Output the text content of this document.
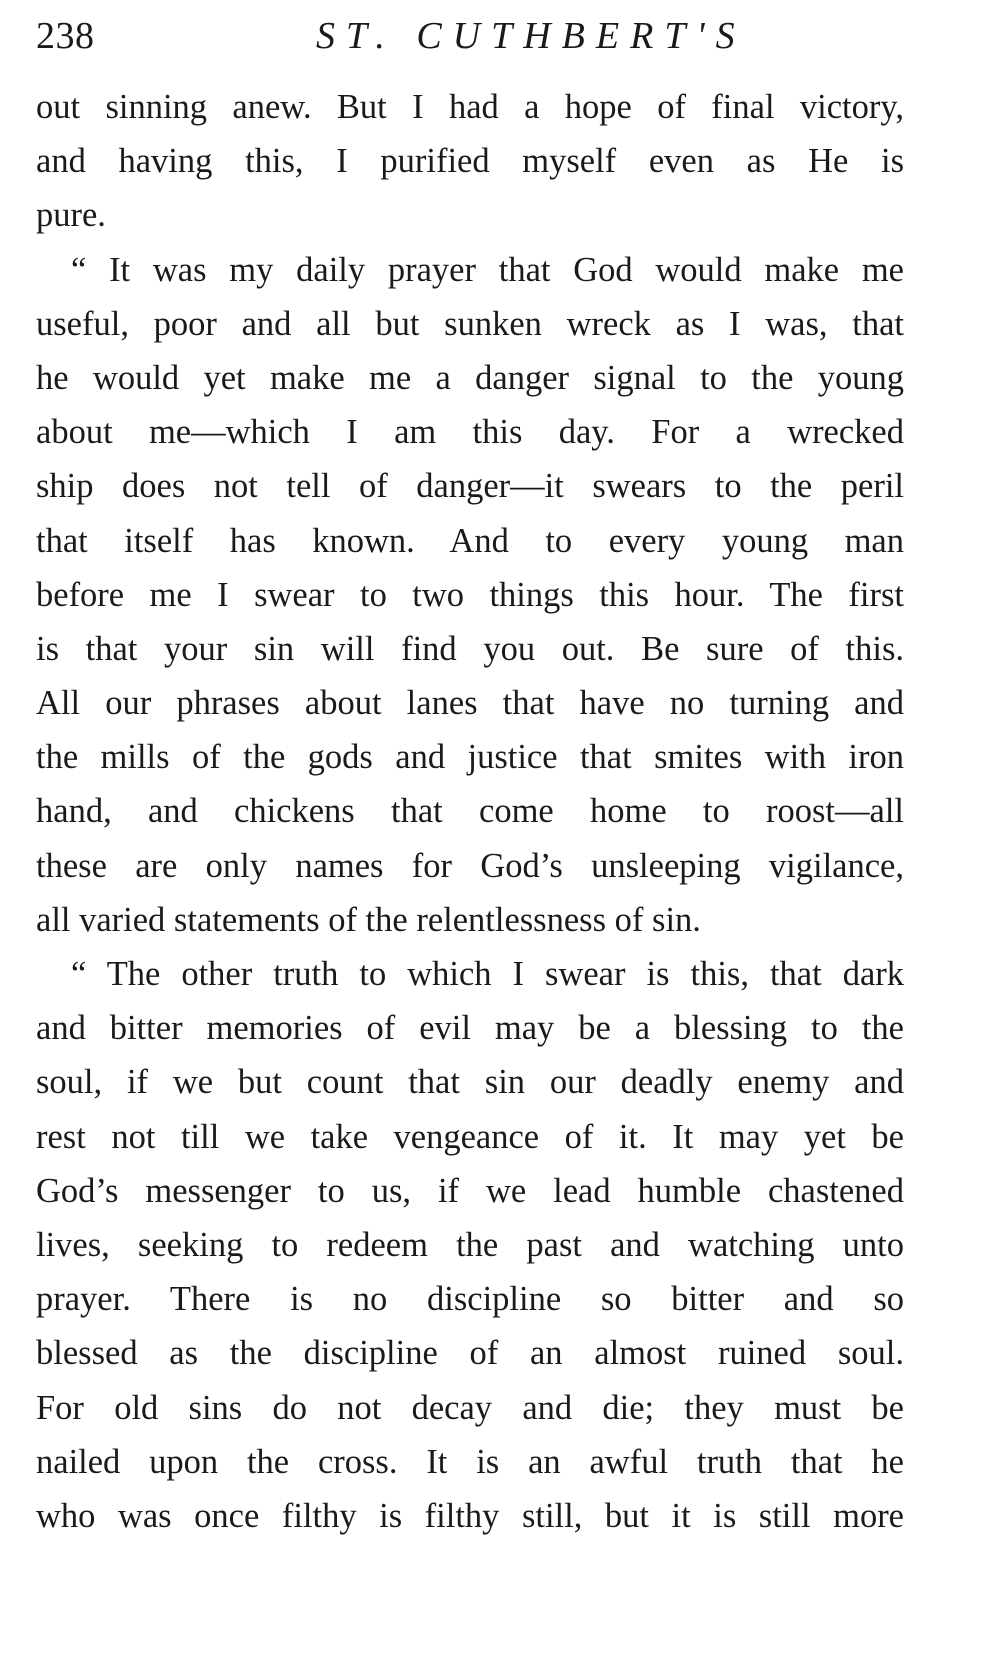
238	ST. CUTHBERT'S
out sinning anew. But I had a hope of final victory,
and having this, I purified myself even as He is
pure.
“ It was my daily prayer that God would make me
useful, poor and all but sunken wreck as I was, that
he would yet make me a danger signal to the young
about me—which I am this day. For a wrecked
ship does not tell of danger—it swears to the peril
that itself has known. And to every young man
before me I swear to two things this hour. The first
is that your sin will find you out. Be sure of this.
All our phrases about lanes that have no turning and
the mills of the gods and justice that smites with iron
hand, and chickens that come home to roost—all
these are only names for God’s unsleeping vigilance,
all varied statements of the relentlessness of sin.
“ The other truth to which I swear is this, that dark
and bitter memories of evil may be a blessing to the
soul, if we but count that sin our deadly enemy and
rest not till we take vengeance of it. It may yet be
God’s messenger to us, if we lead humble chastened
lives, seeking to redeem the past and watching unto
prayer. There is no discipline so bitter and so
blessed as the discipline of an almost ruined soul.
For old sins do not decay and die; they must be
nailed upon the cross. It is an awful truth that he
who was once filthy is filthy still, but it is still more
